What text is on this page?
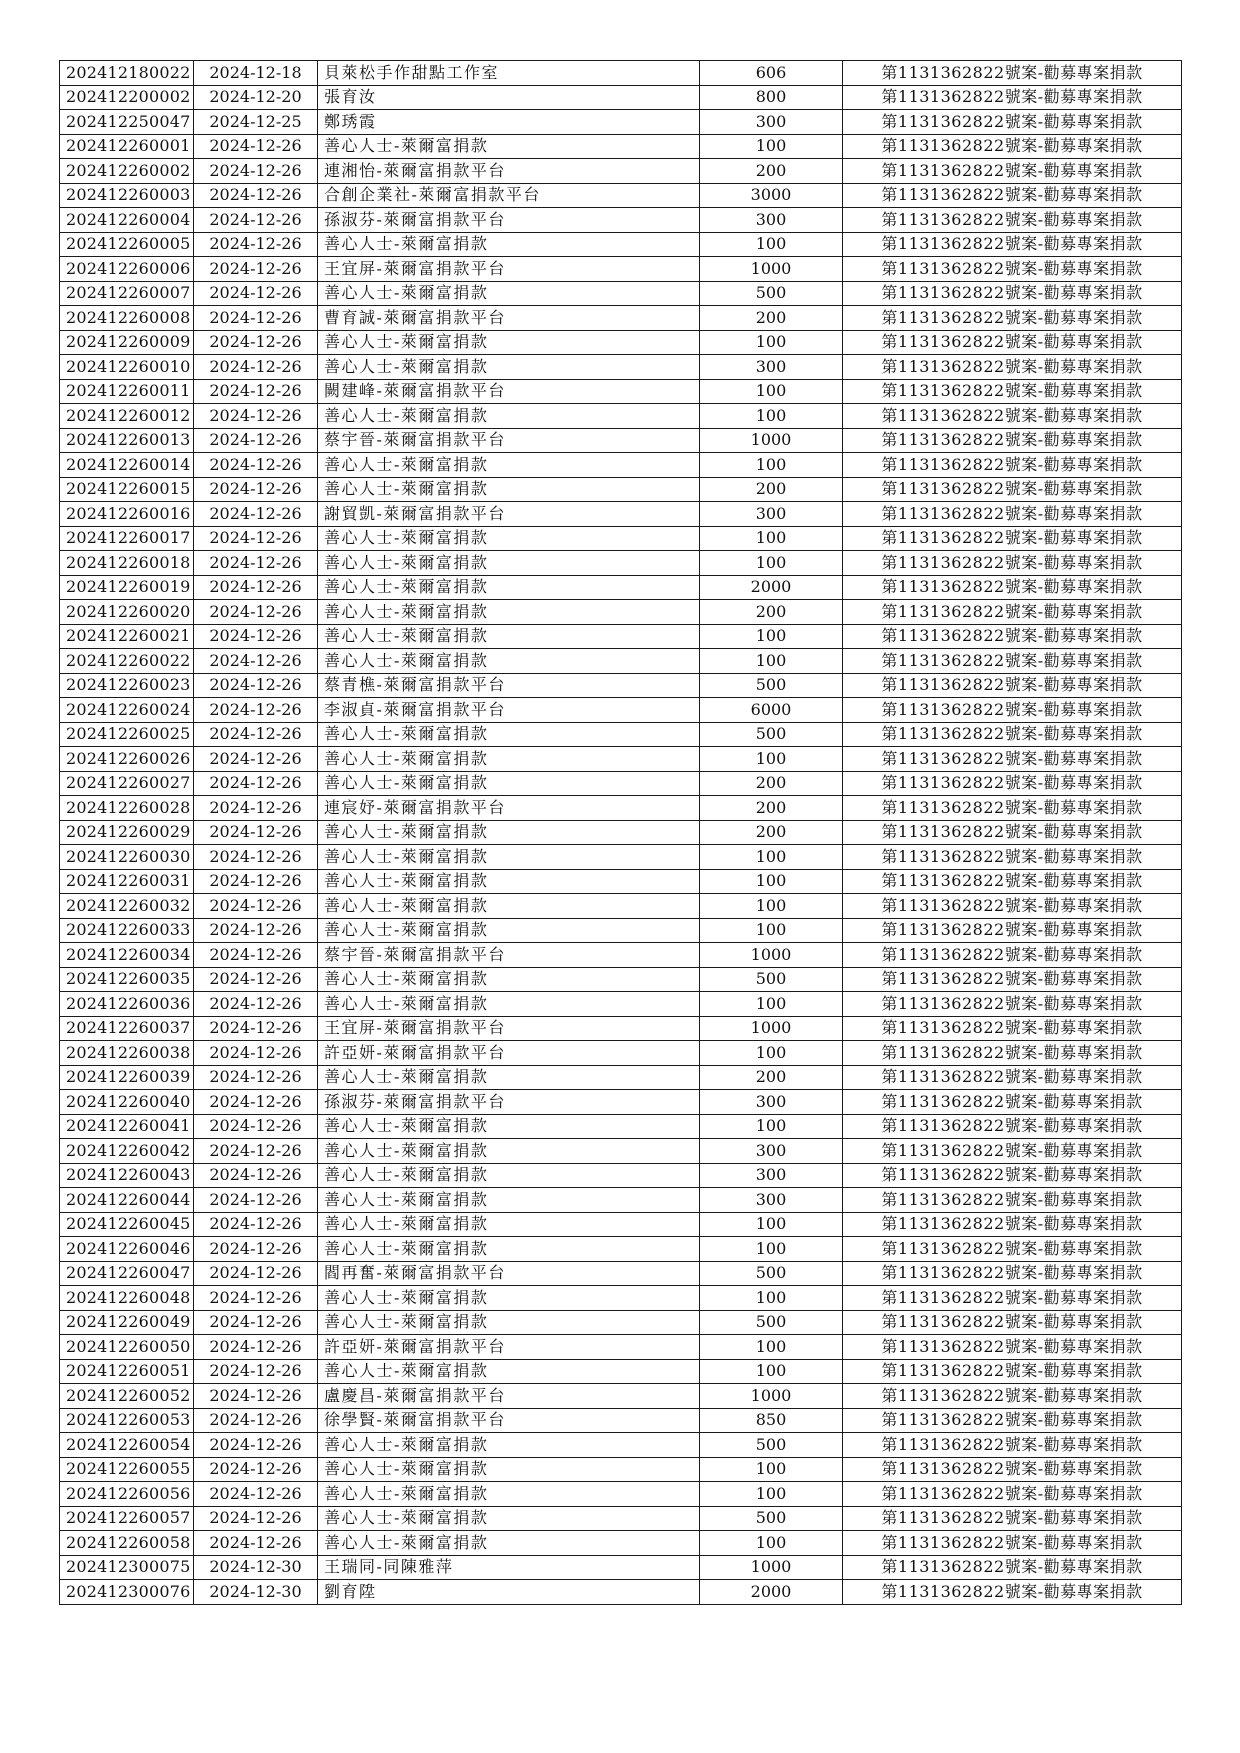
202412180022	2024-12-18	貝萊松手作甜點工作室	606	第1131362822號案-勸募專案捐款
202412200002	2024-12-20	張育汝	800	第1131362822號案-勸募專案捐款
202412250047	2024-12-25	鄭琇霞	300	第1131362822號案-勸募專案捐款
202412260001	2024-12-26	善心人士-萊爾富捐款	100	第1131362822號案-勸募專案捐款
202412260002	2024-12-26	連湘怡-萊爾富捐款平台	200	第1131362822號案-勸募專案捐款
202412260003	2024-12-26	合創企業社-萊爾富捐款平台	3000	第1131362822號案-勸募專案捐款
202412260004	2024-12-26	孫淑芬-萊爾富捐款平台	300	第1131362822號案-勸募專案捐款
202412260005	2024-12-26	善心人士-萊爾富捐款	100	第1131362822號案-勸募專案捐款
202412260006	2024-12-26	王宜屏-萊爾富捐款平台	1000	第1131362822號案-勸募專案捐款
202412260007	2024-12-26	善心人士-萊爾富捐款	500	第1131362822號案-勸募專案捐款
202412260008	2024-12-26	曹育誠-萊爾富捐款平台	200	第1131362822號案-勸募專案捐款
202412260009	2024-12-26	善心人士-萊爾富捐款	100	第1131362822號案-勸募專案捐款
202412260010	2024-12-26	善心人士-萊爾富捐款	300	第1131362822號案-勸募專案捐款
202412260011	2024-12-26	闕建峰-萊爾富捐款平台	100	第1131362822號案-勸募專案捐款
202412260012	2024-12-26	善心人士-萊爾富捐款	100	第1131362822號案-勸募專案捐款
202412260013	2024-12-26	蔡宇晉-萊爾富捐款平台	1000	第1131362822號案-勸募專案捐款
202412260014	2024-12-26	善心人士-萊爾富捐款	100	第1131362822號案-勸募專案捐款
202412260015	2024-12-26	善心人士-萊爾富捐款	200	第1131362822號案-勸募專案捐款
202412260016	2024-12-26	謝貿凱-萊爾富捐款平台	300	第1131362822號案-勸募專案捐款
202412260017	2024-12-26	善心人士-萊爾富捐款	100	第1131362822號案-勸募專案捐款
202412260018	2024-12-26	善心人士-萊爾富捐款	100	第1131362822號案-勸募專案捐款
202412260019	2024-12-26	善心人士-萊爾富捐款	2000	第1131362822號案-勸募專案捐款
202412260020	2024-12-26	善心人士-萊爾富捐款	200	第1131362822號案-勸募專案捐款
202412260021	2024-12-26	善心人士-萊爾富捐款	100	第1131362822號案-勸募專案捐款
202412260022	2024-12-26	善心人士-萊爾富捐款	100	第1131362822號案-勸募專案捐款
202412260023	2024-12-26	蔡青樵-萊爾富捐款平台	500	第1131362822號案-勸募專案捐款
202412260024	2024-12-26	李淑貞-萊爾富捐款平台	6000	第1131362822號案-勸募專案捐款
202412260025	2024-12-26	善心人士-萊爾富捐款	500	第1131362822號案-勸募專案捐款
202412260026	2024-12-26	善心人士-萊爾富捐款	100	第1131362822號案-勸募專案捐款
202412260027	2024-12-26	善心人士-萊爾富捐款	200	第1131362822號案-勸募專案捐款
202412260028	2024-12-26	連宸妤-萊爾富捐款平台	200	第1131362822號案-勸募專案捐款
202412260029	2024-12-26	善心人士-萊爾富捐款	200	第1131362822號案-勸募專案捐款
202412260030	2024-12-26	善心人士-萊爾富捐款	100	第1131362822號案-勸募專案捐款
202412260031	2024-12-26	善心人士-萊爾富捐款	100	第1131362822號案-勸募專案捐款
202412260032	2024-12-26	善心人士-萊爾富捐款	100	第1131362822號案-勸募專案捐款
202412260033	2024-12-26	善心人士-萊爾富捐款	100	第1131362822號案-勸募專案捐款
202412260034	2024-12-26	蔡宇晉-萊爾富捐款平台	1000	第1131362822號案-勸募專案捐款
202412260035	2024-12-26	善心人士-萊爾富捐款	500	第1131362822號案-勸募專案捐款
202412260036	2024-12-26	善心人士-萊爾富捐款	100	第1131362822號案-勸募專案捐款
202412260037	2024-12-26	王宜屏-萊爾富捐款平台	1000	第1131362822號案-勸募專案捐款
202412260038	2024-12-26	許亞妍-萊爾富捐款平台	100	第1131362822號案-勸募專案捐款
202412260039	2024-12-26	善心人士-萊爾富捐款	200	第1131362822號案-勸募專案捐款
202412260040	2024-12-26	孫淑芬-萊爾富捐款平台	300	第1131362822號案-勸募專案捐款
202412260041	2024-12-26	善心人士-萊爾富捐款	100	第1131362822號案-勸募專案捐款
202412260042	2024-12-26	善心人士-萊爾富捐款	300	第1131362822號案-勸募專案捐款
202412260043	2024-12-26	善心人士-萊爾富捐款	300	第1131362822號案-勸募專案捐款
202412260044	2024-12-26	善心人士-萊爾富捐款	300	第1131362822號案-勸募專案捐款
202412260045	2024-12-26	善心人士-萊爾富捐款	100	第1131362822號案-勸募專案捐款
202412260046	2024-12-26	善心人士-萊爾富捐款	100	第1131362822號案-勸募專案捐款
202412260047	2024-12-26	閻再奮-萊爾富捐款平台	500	第1131362822號案-勸募專案捐款
202412260048	2024-12-26	善心人士-萊爾富捐款	100	第1131362822號案-勸募專案捐款
202412260049	2024-12-26	善心人士-萊爾富捐款	500	第1131362822號案-勸募專案捐款
202412260050	2024-12-26	許亞妍-萊爾富捐款平台	100	第1131362822號案-勸募專案捐款
202412260051	2024-12-26	善心人士-萊爾富捐款	100	第1131362822號案-勸募專案捐款
202412260052	2024-12-26	盧慶昌-萊爾富捐款平台	1000	第1131362822號案-勸募專案捐款
202412260053	2024-12-26	徐學賢-萊爾富捐款平台	850	第1131362822號案-勸募專案捐款
202412260054	2024-12-26	善心人士-萊爾富捐款	500	第1131362822號案-勸募專案捐款
202412260055	2024-12-26	善心人士-萊爾富捐款	100	第1131362822號案-勸募專案捐款
202412260056	2024-12-26	善心人士-萊爾富捐款	100	第1131362822號案-勸募專案捐款
202412260057	2024-12-26	善心人士-萊爾富捐款	500	第1131362822號案-勸募專案捐款
202412260058	2024-12-26	善心人士-萊爾富捐款	100	第1131362822號案-勸募專案捐款
202412300075	2024-12-30	王瑞同-同陳雅萍	1000	第1131362822號案-勸募專案捐款
202412300076	2024-12-30	劉育陞	2000	第1131362822號案-勸募專案捐款
